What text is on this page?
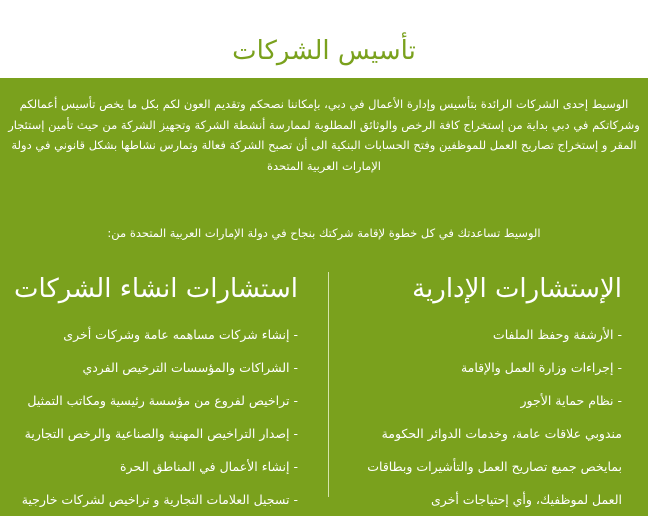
تأسيس الشركات
الوسيط إحدى الشركات الرائدة بتأسيس وإدارة الأعمال في دبي، بإمكاننا نصحكم وتقديم العون لكم بكل ما يخص تأسيس أعمالكم وشركاتكم في دبي بداية من إستخراج كافة الرخص والوثائق المطلوبة لممارسة أنشطة الشركة وتجهيز الشركة من حيث تأمين إستئجار المقر و إستخراج تصاريح العمل للموظفين وفتح الحسابات البنكية الى أن تصبح الشركة فعالة وتمارس نشاطها بشكل قانوني في دولة الإمارات العربية المتحدة
الوسيط تساعدتك في كل خطوة لإقامة شركتك بنجاح في دولة الإمارات العربية المتحدة من:
الإستشارات الإدارية
- الأرشفة وحفظ الملفات
- إجراءات وزارة العمل والإقامة
- نظام حماية الأجور
مندوبي علاقات عامة، وخدمات الدوائر الحكومة
بمايخص جميع تصاريح العمل والتأشيرات وبطاقات
العمل لموظفيك، وأي إحتياجات أخرى
استشارات انشاء الشركات
- إنشاء شركات مساهمه عامة وشركات أخرى
- الشراكات والمؤسسات الترخيص الفردي
- تراخيص لفروع من مؤسسة رئيسية ومكاتب التمثيل
- إصدار التراخيص المهنية والصناعية والرخص التجارية
- إنشاء الأعمال في المناطق الحرة
- تسجيل العلامات التجارية و تراخيص لشركات خارجية
